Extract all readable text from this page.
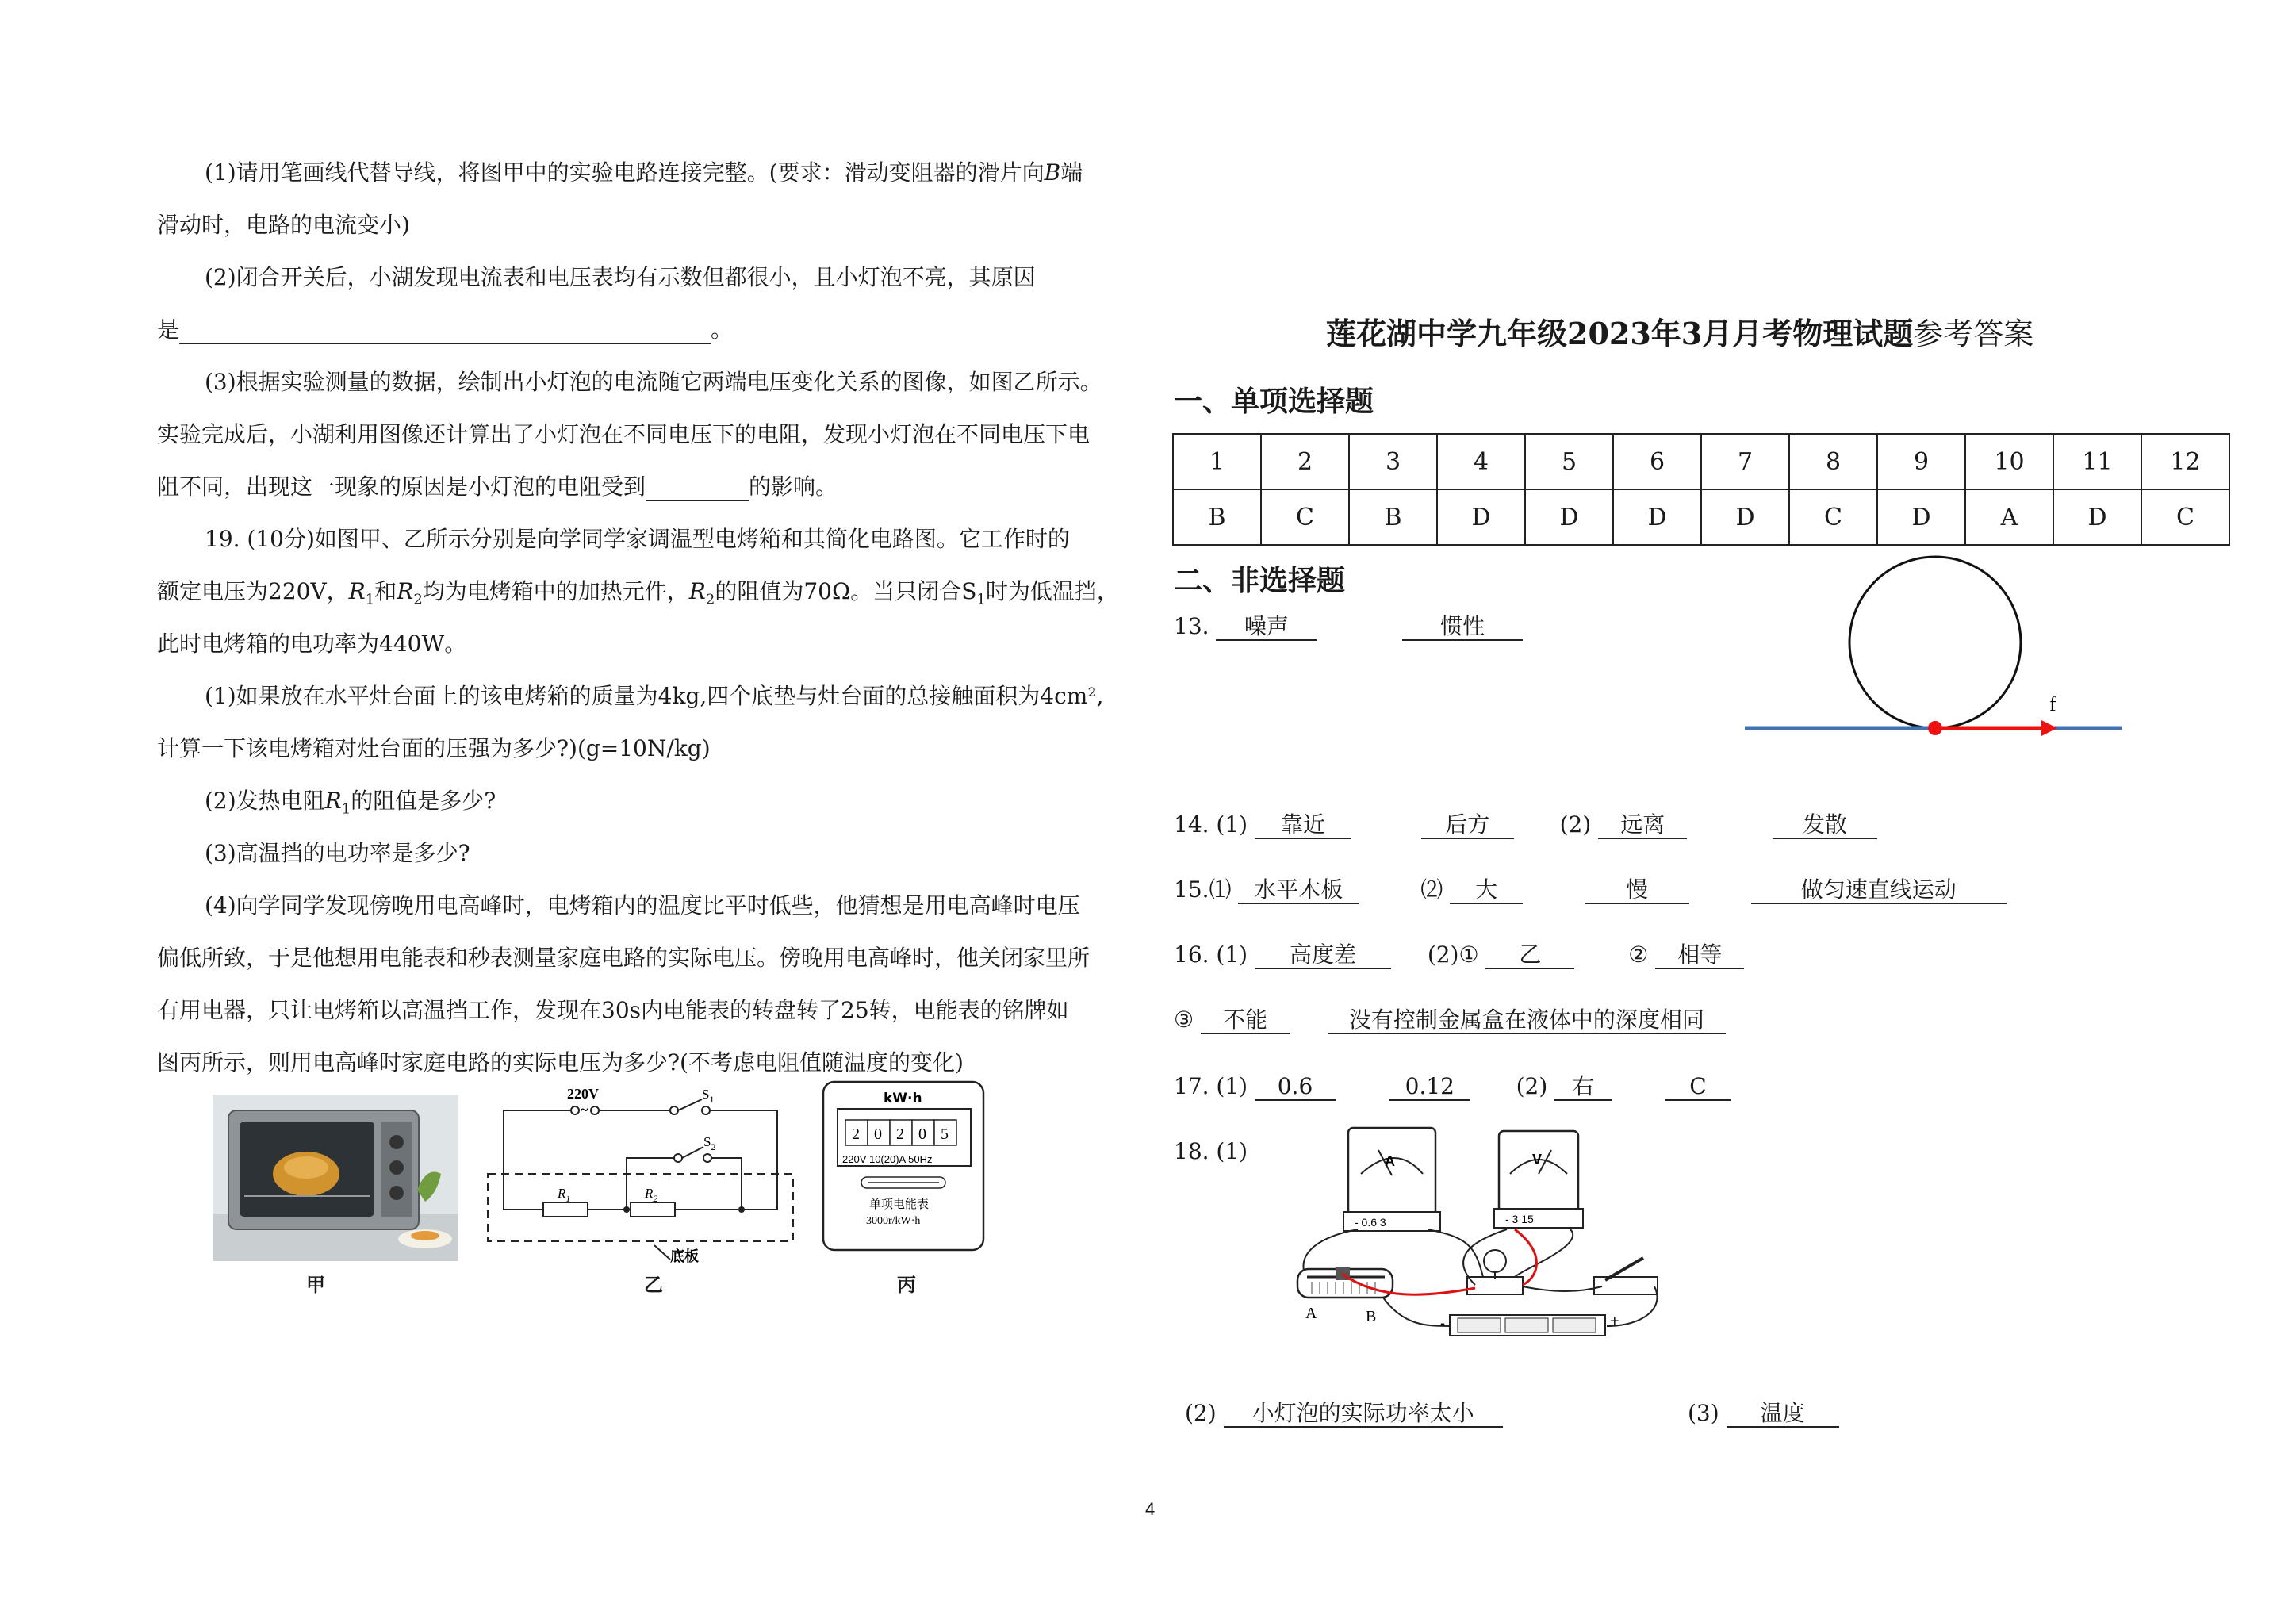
(1)请用笔画线代替导线，将图甲中的实验电路连接完整。(要求：滑动变阻器的滑片向B端
滑动时，电路的电流变小)
(2)闭合开关后，小湖发现电流表和电压表均有示数但都很小，且小灯泡不亮，其原因
是	。
(3)根据实验测量的数据，绘制出小灯泡的电流随它两端电压变化关系的图像，如图乙所示。
实验完成后，小湖利用图像还计算出了小灯泡在不同电压下的电阻，发现小灯泡在不同电压下电
阻不同，出现这一现象的原因是小灯泡的电阻受到	的影响。
19. (10分)如图甲、乙所示分别是向学同学家调温型电烤箱和其简化电路图。它工作时的
额定电压为220V，$R_1$和$R_2$均为电烤箱中的加热元件，$R_2$的阻值为70Ω。当只闭合$S_1$时为低温挡，
此时电烤箱的电功率为440W。
(1)如果放在水平灶台面上的该电烤箱的质量为4kg,四个底垫与灶台面的总接触面积为4cm²,
计算一下该电烤箱对灶台面的压强为多少?)(g=10N/kg)
(2)发热电阻$R_1$的阻值是多少?
(3)高温挡的电功率是多少?
(4)向学同学发现傍晚用电高峰时，电烤箱内的温度比平时低些，他猜想是用电高峰时电压
偏低所致，于是他想用电能表和秒表测量家庭电路的实际电压。傍晚用电高峰时，他关闭家里所
有用电器，只让电烤箱以高温挡工作，发现在30s内电能表的转盘转了25转，电能表的铭牌如
图丙所示，则用电高峰时家庭电路的实际电压为多少?(不考虑电阻值随温度的变化)
甲
220V
~
$S_1$
$S_2$
$R_1$	$R_2$
底板
乙
kW·h
2 0 2 0 5
220V 10(20)A 50Hz
单项电能表
3000r/kW·h
丙
4
莲花湖中学九年级2023年3月月考物理试题参考答案
一、单项选择题
1	2	3	4	5	6	7	8	9	10	11	12
B	C	B	D	D	D	D	C	D	A	D	C
二、非选择题
13. 噪声	惯性
f
14. (1) 靠近	后方	(2) 远离	发散
15.⑴ 水平木板	⑵ 大	慢	做匀速直线运动
16. (1) 高度差	(2)① 乙	② 相等
③ 不能	没有控制金属盒在液体中的深度相同
17. (1) 0.6	0.12	(2) 右	C
18. (1)	A
- 0.6 3
V
- 3 15
A	B	-	+
(2) 小灯泡的实际功率太小	(3) 温度
